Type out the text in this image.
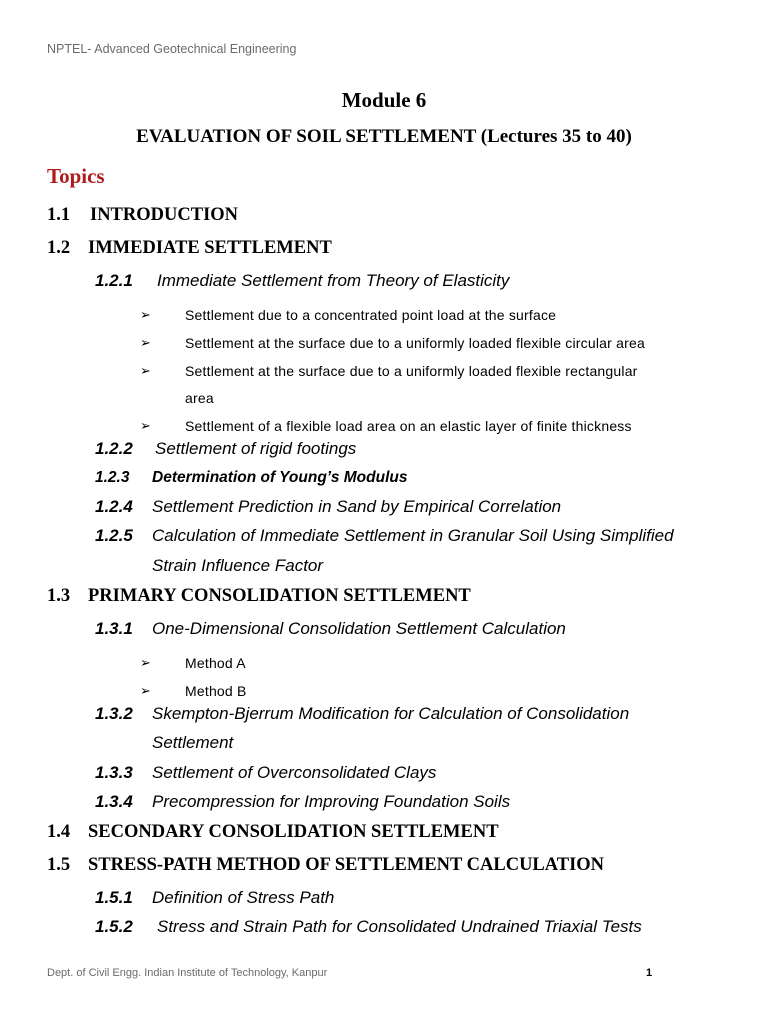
NPTEL- Advanced Geotechnical Engineering
Module 6
EVALUATION OF SOIL SETTLEMENT (Lectures 35 to 40)
Topics
1.1 INTRODUCTION
1.2 IMMEDIATE SETTLEMENT
1.2.1 Immediate Settlement from Theory of Elasticity
➢ Settlement due to a concentrated point load at the surface
➢ Settlement at the surface due to a uniformly loaded flexible circular area
➢ Settlement at the surface due to a uniformly loaded flexible rectangular
area
➢ Settlement of a flexible load area on an elastic layer of finite thickness
1.2.2 Settlement of rigid footings
1.2.3 Determination of Young’s Modulus
1.2.4 Settlement Prediction in Sand by Empirical Correlation
1.2.5 Calculation of Immediate Settlement in Granular Soil Using Simplified
Strain Influence Factor
1.3 PRIMARY CONSOLIDATION SETTLEMENT
1.3.1 One-Dimensional Consolidation Settlement Calculation
➢ Method A
➢ Method B
1.3.2 Skempton-Bjerrum Modification for Calculation of Consolidation
Settlement
1.3.3 Settlement of Overconsolidated Clays
1.3.4 Precompression for Improving Foundation Soils
1.4 SECONDARY CONSOLIDATION SETTLEMENT
1.5 STRESS-PATH METHOD OF SETTLEMENT CALCULATION
1.5.1 Definition of Stress Path
1.5.2 Stress and Strain Path for Consolidated Undrained Triaxial Tests
Dept. of Civil Engg. Indian Institute of Technology, Kanpur	1
